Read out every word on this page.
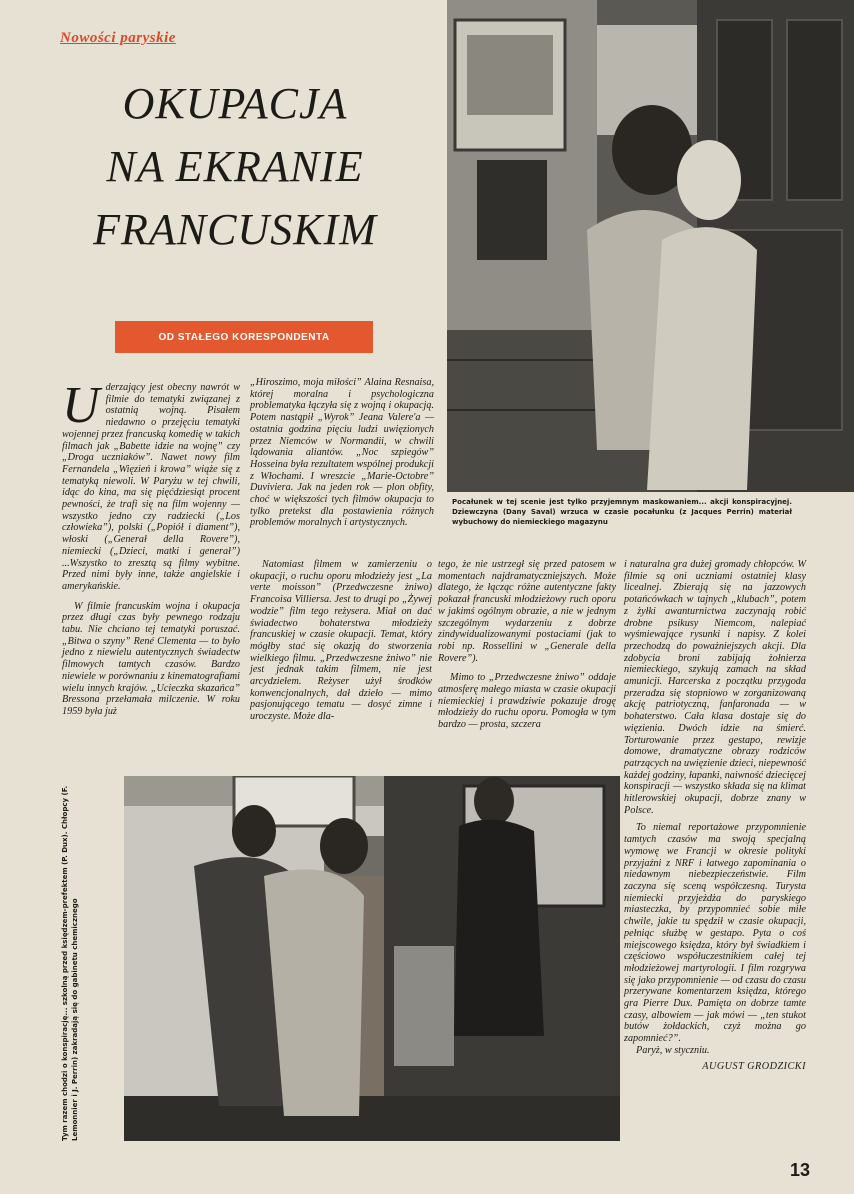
Nowości paryskie
OKUPACJA
NA EKRANIE
FRANCUSKIM
OD STAŁEGO KORESPONDENTA
Pocałunek w tej scenie jest tylko przyjemnym maskowaniem... akcji konspiracyjnej. Dziewczyna (Dany Saval) wrzuca w czasie pocałunku (z Jacques Perrin) materiał wybuchowy do niemieckiego magazynu
Tym razem chodzi o konspirację... szkolną przed księdzem-prefektem (P. Dux). Chłopcy (F. Lemonnier i J. Perrin) zakradają się do gabinetu chemicznego

Uderzający jest obecny nawrót w filmie do tematyki związanej z ostatnią wojną. Pisałem niedawno o przejęciu tematyki wojennej przez francuską komedię w takich filmach jak „Babette idzie na wojnę” czy „Droga uczniaków”. Nawet nowy film Fernandela „Więzień i krowa” wiąże się z tematyką niewoli. W Paryżu w tej chwili, idąc do kina, ma się pięćdziesiąt procent pewności, że trafi się na film wojenny — wszystko jedno czy radziecki („Los człowieka”), polski („Popiół i diament”), włoski („Generał della Rovere”), niemiecki („Dzieci, matki i generał”) ...Wszystko to zresztą są filmy wybitne. Przed nimi były inne, także angielskie i amerykańskie.

W filmie francuskim wojna i okupacja przez długi czas były pewnego rodzaju tabu. Nie chciano tej tematyki poruszać. „Bitwa o szyny” René Clementa — to było jedno z niewielu autentycznych świadectw filmowych tamtych czasów. Bardzo niewiele w porównaniu z kinematografiami wielu innych krajów. „Ucieczka skazańca” Bressona przełamała milczenie. W roku 1959 była już

„Hiroszimo, moja miłości” Alaina Resnaisa, której moralna i psychologiczna problematyka łączyła się z wojną i okupacją. Potem nastąpił „Wyrok” Jeana Valere'a — ostatnia godzina pięciu ludzi uwięzionych przez Niemców w Normandii, w chwili lądowania aliantów. „Noc szpiegów” Hosseina była rezultatem wspólnej produkcji z Włochami. I wreszcie „Marie-Octobre” Duviviera. Jak na jeden rok — plon obfity, choć w większości tych filmów okupacja to tylko pretekst dla postawienia różnych problemów moralnych i artystycznych.

Natomiast filmem w zamierzeniu o okupacji, o ruchu oporu młodzieży jest „La verte moisson” (Przedwczesne żniwo) Francoisa Villiersa. Jest to drugi po „Żywej wodzie” film tego reżysera. Miał on dać świadectwo bohaterstwa młodzieży francuskiej w czasie okupacji. Temat, który mógłby stać się okazją do stworzenia wielkiego filmu. „Przedwczesne żniwo” nie jest jednak takim filmem, nie jest arcydziełem. Reżyser użył środków konwencjonalnych, dał dzieło — mimo pasjonującego tematu — dosyć zimne i uroczyste. Może dla-

tego, że nie ustrzegł się przed patosem w momentach najdramatyczniejszych. Może dlatego, że łącząc różne autentyczne fakty pokazał francuski młodzieżowy ruch oporu w jakimś ogólnym obrazie, a nie w jednym szczególnym wydarzeniu z dobrze zindywidualizowanymi postaciami (jak to robi np. Rossellini w „Generale della Rovere”).

Mimo to „Przedwczesne żniwo” oddaje atmosferę małego miasta w czasie okupacji niemieckiej i prawdziwie pokazuje drogę młodzieży do ruchu oporu. Pomogła w tym bardzo — prosta, szczera

i naturalna gra dużej gromady chłopców. W filmie są oni uczniami ostatniej klasy licealnej. Zbierają się na jazzowych potańcówkach w tajnych „klubach”, potem z żyłki awanturnictwa zaczynają robić drobne psikusy Niemcom, nalepiać wyśmiewające rysunki i napisy. Z kolei przechodzą do poważniejszych akcji. Dla zdobycia broni zabijają żołnierza niemieckiego, szykują zamach na skład amunicji. Harcerska z początku przygoda przeradza się stopniowo w zorganizowaną akcję patriotyczną, fanfaronada — w bohaterstwo. Cała klasa dostaje się do więzienia. Dwóch idzie na śmierć. Torturowanie przez gestapo, rewizje domowe, dramatyczne obrazy rodziców patrzących na uwięzienie dzieci, niepewność każdej godziny, łapanki, naiwność dziecięcej konspiracji — wszystko składa się na klimat hitlerowskiej okupacji, dobrze znany w Polsce.

To niemal reportażowe przypomnienie tamtych czasów ma swoją specjalną wymowę we Francji w okresie polityki przyjaźni z NRF i łatwego zapominania o niedawnym niebezpieczeństwie. Film zaczyna się sceną współczesną. Turysta niemiecki przyjeżdża do paryskiego miasteczka, by przypomnieć sobie miłe chwile, jakie tu spędził w czasie okupacji, pełniąc służbę w gestapo. Pyta o coś miejscowego księdza, który był świadkiem i częściowo współuczestnikiem całej tej młodzieżowej martyrologii. I film rozgrywa się jako przypomnienie — od czasu do czasu przerywane komentarzem księdza, którego gra Pierre Dux. Pamięta on dobrze tamte czasy, albowiem — jak mówi — „ten stukot butów żołdackich, czyż można go zapomnieć?”.

Paryż, w styczniu.

AUGUST GRODZICKI

13
